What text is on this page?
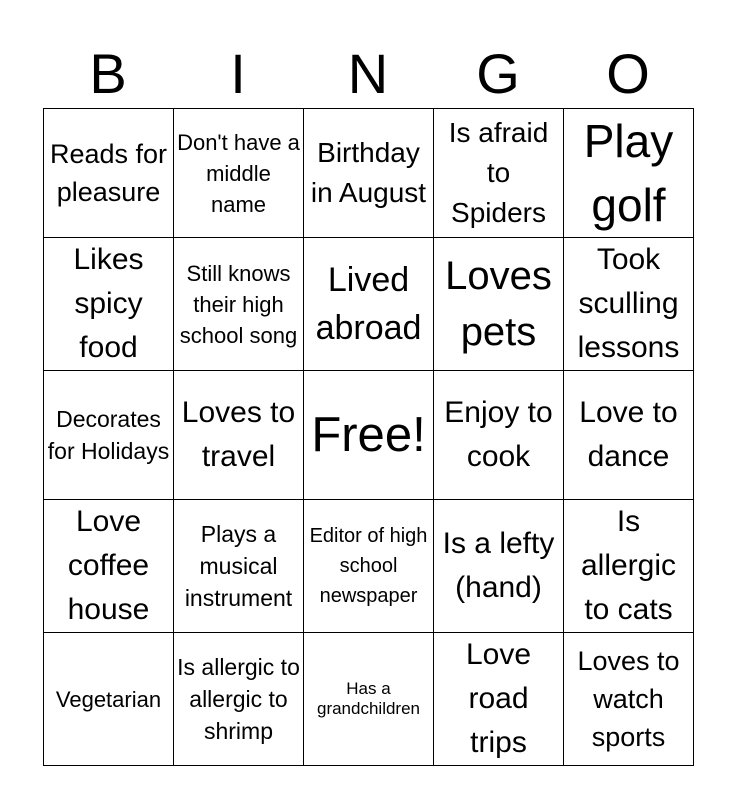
B	I	N	G	O
Reads for pleasure	Don't have a middle name	Birthday in August	Is afraid to Spiders	Play golf

Likes spicy food	Still knows their high school song	Lived abroad	Loves pets	Took sculling lessons

Decorates for Holidays	Loves to travel	Free!	Enjoy to cook	Love to dance

Love coffee house	Plays a musical instrument	Editor of high school newspaper	Is a lefty (hand)	Is allergic to cats

Vegetarian	Is allergic to allergic to shrimp	Has a grandchildren	Love road trips	Loves to watch sports
